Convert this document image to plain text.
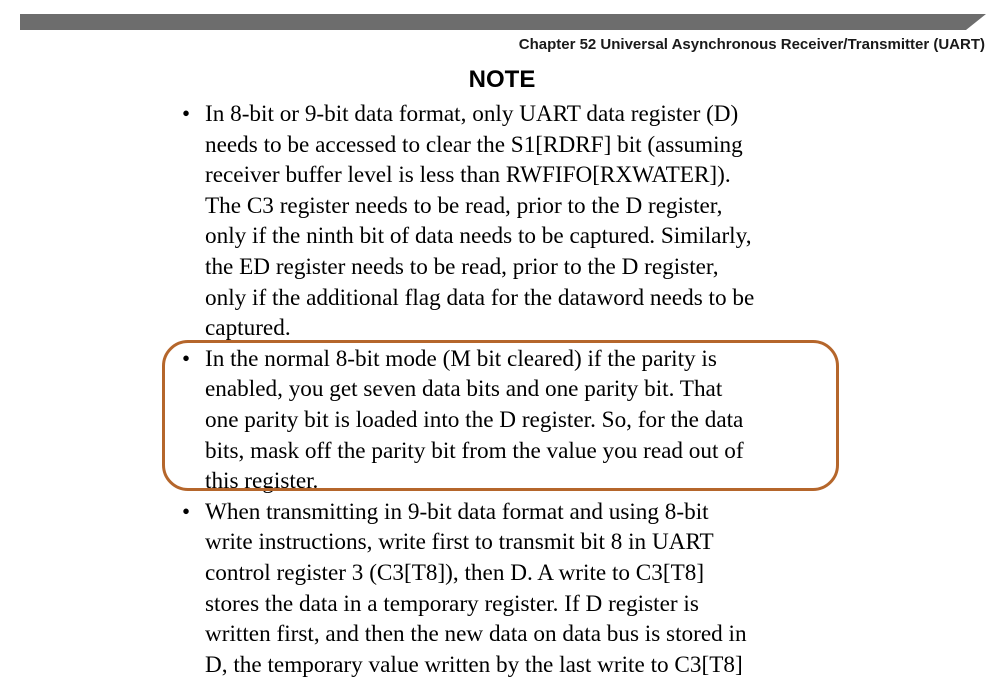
Chapter 52 Universal Asynchronous Receiver/Transmitter (UART)
NOTE
• In 8-bit or 9-bit data format, only UART data register (D)
needs to be accessed to clear the S1[RDRF] bit (assuming
receiver buffer level is less than RWFIFO[RXWATER]).
The C3 register needs to be read, prior to the D register,
only if the ninth bit of data needs to be captured. Similarly,
the ED register needs to be read, prior to the D register,
only if the additional flag data for the dataword needs to be
captured.
• In the normal 8-bit mode (M bit cleared) if the parity is
enabled, you get seven data bits and one parity bit. That
one parity bit is loaded into the D register. So, for the data
bits, mask off the parity bit from the value you read out of
this register.
• When transmitting in 9-bit data format and using 8-bit
write instructions, write first to transmit bit 8 in UART
control register 3 (C3[T8]), then D. A write to C3[T8]
stores the data in a temporary register. If D register is
written first, and then the new data on data bus is stored in
D, the temporary value written by the last write to C3[T8]
